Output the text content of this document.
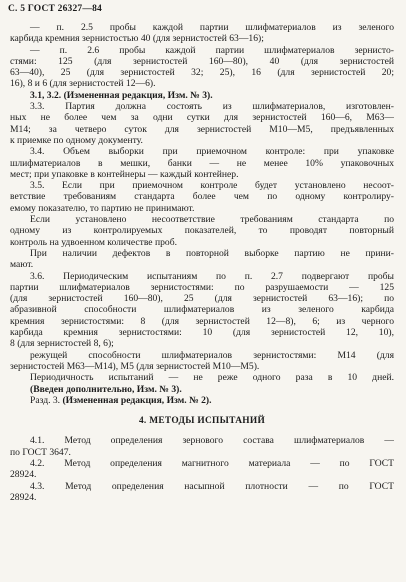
С. 5 ГОСТ 26327—84
— п. 2.5 пробы каждой партии шлифматериалов из зеленого
карбида кремния зернистостью 40 (для зернистостей 63—16);
— п. 2.6 пробы каждой партии шлифматериалов зернисто-
стями: 125 (для зернистостей 160—80), 40 (для зернистостей
63—40), 25 (для зернистостей 32; 25), 16 (для зернистостей 20;
16), 8 и 6 (для зернистостей 12—6).
3.1, 3.2. (Измененная редакция, Изм. № 3).
3.3. Партия должна состоять из шлифматериалов, изготовлен-
ных не более чем за одни сутки для зернистостей 160—6, М63—
М14; за четверо суток для зернистостей М10—М5, предъявленных
к приемке по одному документу.
3.4. Объем выборки при приемочном контроле: при упаковке
шлифматериалов в мешки, банки — не менее 10% упаковочных
мест; при упаковке в контейнеры — каждый контейнер.
3.5. Если при приемочном контроле будет установлено несоот-
ветствие требованиям стандарта более чем по одному контролиру-
емому показателю, то партию не принимают.
Если установлено несоответствие требованиям стандарта по
одному из контролируемых показателей, то проводят повторный
контроль на удвоенном количестве проб.
При наличии дефектов в повторной выборке партию не прини-
мают.
3.6. Периодическим испытаниям по п. 2.7 подвергают пробы
партии шлифматериалов зернистостями: по разрушаемости — 125
(для зернистостей 160—80), 25 (для зернистостей 63—16); по
абразивной способности шлифматериалов из зеленого карбида
кремния зернистостями: 8 (для зернистостей 12—8), 6; из черного
карбида кремния зернистостями: 10 (для зернистостей 12, 10),
8 (для зернистостей 8, 6);
режущей способности шлифматериалов зернистостями: М14 (для
зернистостей М63—М14), М5 (для зернистостей М10—М5).
Периодичность испытаний — не реже одного раза в 10 дней.
(Введен дополнительно, Изм. № 3).
Разд. 3. (Измененная редакция, Изм. № 2).
4. МЕТОДЫ ИСПЫТАНИЙ
4.1. Метод определения зернового состава шлифматериалов —
по ГОСТ 3647.
4.2. Метод определения магнитного материала — по ГОСТ
28924.
4.3. Метод определения насыпной плотности — по ГОСТ
28924.
